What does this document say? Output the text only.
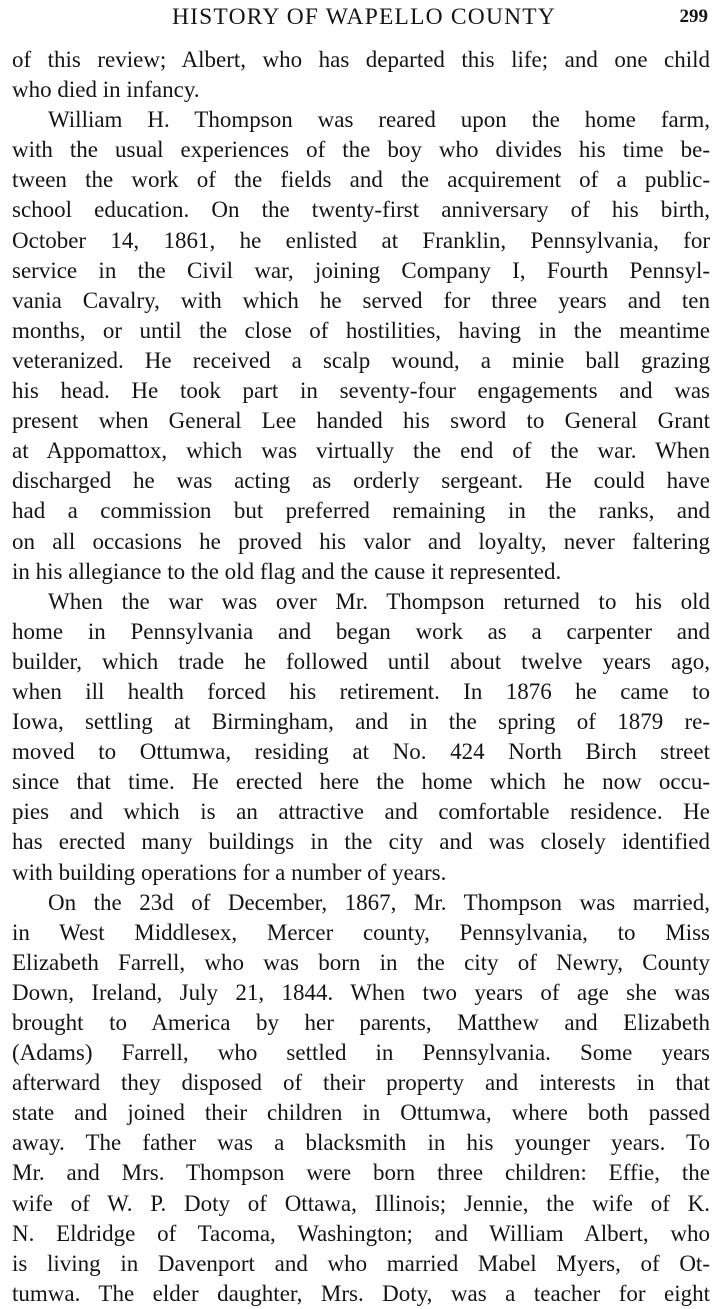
HISTORY OF WAPELLO COUNTY	299

of this review; Albert, who has departed this life; and one child

who died in infancy.

William H. Thompson was reared upon the home farm,

with the usual experiences of the boy who divides his time be-

tween the work of the fields and the acquirement of a public-

school education. On the twenty-first anniversary of his birth,

October 14, 1861, he enlisted at Franklin, Pennsylvania, for

service in the Civil war, joining Company I, Fourth Pennsyl-

vania Cavalry, with which he served for three years and ten

months, or until the close of hostilities, having in the meantime

veteranized. He received a scalp wound, a minie ball grazing

his head. He took part in seventy-four engagements and was

present when General Lee handed his sword to General Grant

at Appomattox, which was virtually the end of the war. When

discharged he was acting as orderly sergeant. He could have

had a commission but preferred remaining in the ranks, and

on all occasions he proved his valor and loyalty, never faltering

in his allegiance to the old flag and the cause it represented.

When the war was over Mr. Thompson returned to his old

home in Pennsylvania and began work as a carpenter and

builder, which trade he followed until about twelve years ago,

when ill health forced his retirement. In 1876 he came to

Iowa, settling at Birmingham, and in the spring of 1879 re-

moved to Ottumwa, residing at No. 424 North Birch street

since that time. He erected here the home which he now occu-

pies and which is an attractive and comfortable residence. He

has erected many buildings in the city and was closely identified

with building operations for a number of years.

On the 23d of December, 1867, Mr. Thompson was married,

in West Middlesex, Mercer county, Pennsylvania, to Miss

Elizabeth Farrell, who was born in the city of Newry, County

Down, Ireland, July 21, 1844. When two years of age she was

brought to America by her parents, Matthew and Elizabeth

(Adams) Farrell, who settled in Pennsylvania. Some years

afterward they disposed of their property and interests in that

state and joined their children in Ottumwa, where both passed

away. The father was a blacksmith in his younger years. To

Mr. and Mrs. Thompson were born three children: Effie, the

wife of W. P. Doty of Ottawa, Illinois; Jennie, the wife of K.

N. Eldridge of Tacoma, Washington; and William Albert, who

is living in Davenport and who married Mabel Myers, of Ot-

tumwa. The elder daughter, Mrs. Doty, was a teacher for eight
